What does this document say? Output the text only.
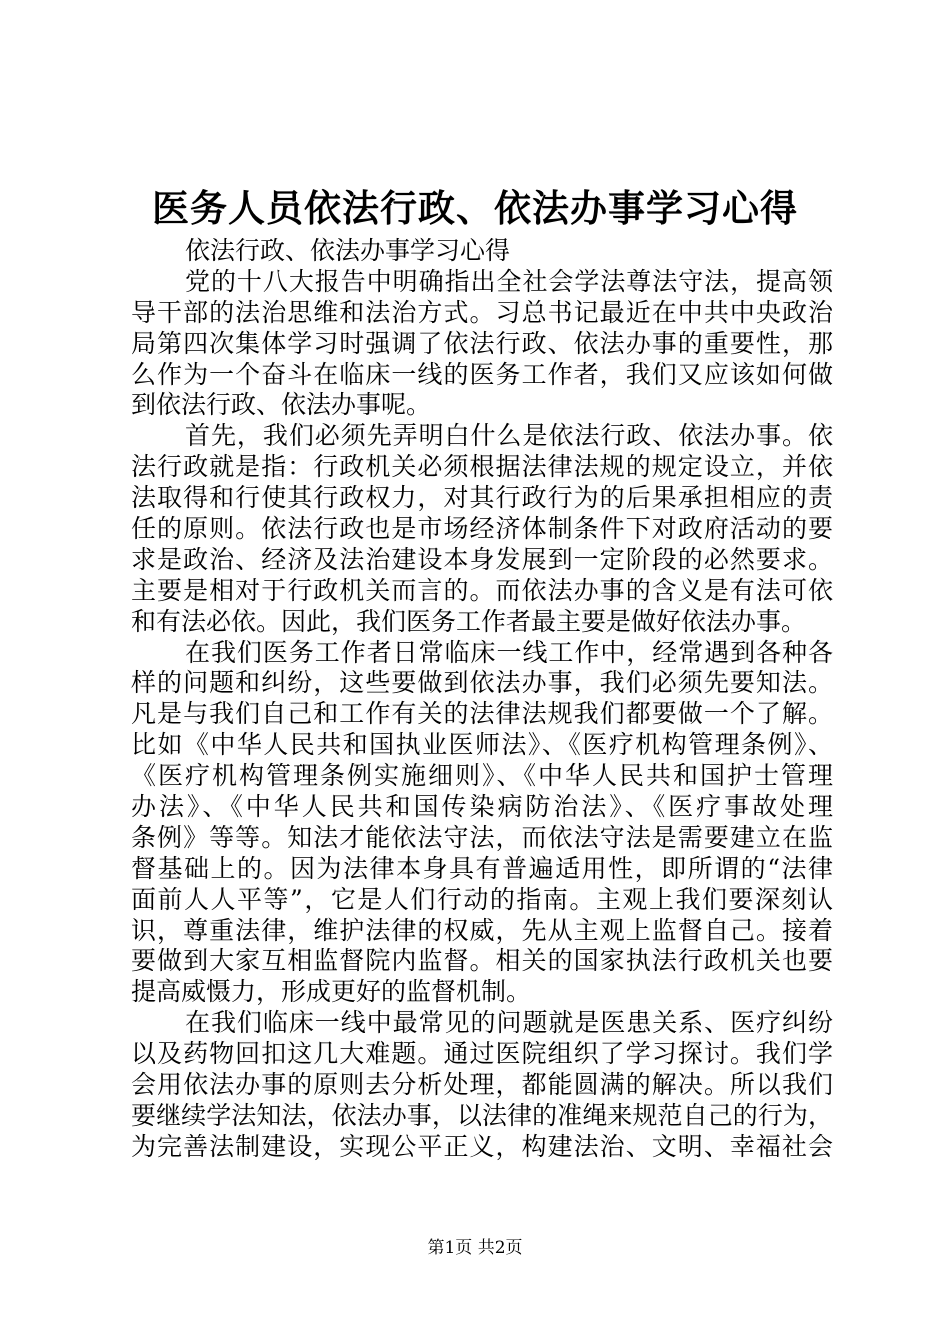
医务人员依法行政、依法办事学习心得
依法行政、依法办事学习心得
党的十八大报告中明确指出全社会学法尊法守法，提高领
导干部的法治思维和法治方式。习总书记最近在中共中央政治
局第四次集体学习时强调了依法行政、依法办事的重要性，那
么作为一个奋斗在临床一线的医务工作者，我们又应该如何做
到依法行政、依法办事呢。
首先，我们必须先弄明白什么是依法行政、依法办事。依
法行政就是指：行政机关必须根据法律法规的规定设立，并依
法取得和行使其行政权力，对其行政行为的后果承担相应的责
任的原则。依法行政也是市场经济体制条件下对政府活动的要
求是政治、经济及法治建设本身发展到一定阶段的必然要求。
主要是相对于行政机关而言的。而依法办事的含义是有法可依
和有法必依。因此，我们医务工作者最主要是做好依法办事。
在我们医务工作者日常临床一线工作中，经常遇到各种各
样的问题和纠纷，这些要做到依法办事，我们必须先要知法。
凡是与我们自己和工作有关的法律法规我们都要做一个了解。
比如《中华人民共和国执业医师法》、《医疗机构管理条例》、
《医疗机构管理条例实施细则》、《中华人民共和国护士管理
办法》、《中华人民共和国传染病防治法》、《医疗事故处理
条例》等等。知法才能依法守法，而依法守法是需要建立在监
督基础上的。因为法律本身具有普遍适用性，即所谓的“法律
面前人人平等”，它是人们行动的指南。主观上我们要深刻认
识，尊重法律，维护法律的权威，先从主观上监督自己。接着
要做到大家互相监督院内监督。相关的国家执法行政机关也要
提高威慑力，形成更好的监督机制。
在我们临床一线中最常见的问题就是医患关系、医疗纠纷
以及药物回扣这几大难题。通过医院组织了学习探讨。我们学
会用依法办事的原则去分析处理，都能圆满的解决。所以我们
要继续学法知法，依法办事，以法律的准绳来规范自己的行为，
为完善法制建设，实现公平正义，构建法治、文明、幸福社会
第1页 共2页
